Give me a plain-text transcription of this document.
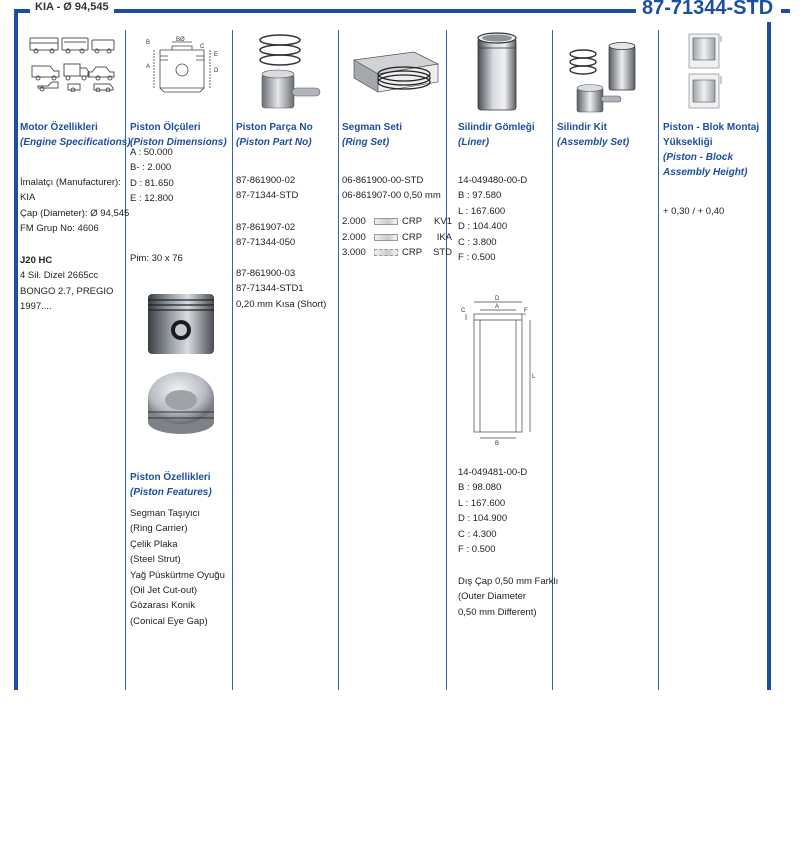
KIA - Ø 94,545	87-71344-STD
Motor Özellikleri
(Engine Specifications)
İmalatçı (Manufacturer):
KIA
Çap (Diameter): Ø 94,545
FM Grup No: 4606
J20 HC
4 Sil. Dizel 2665cc
BONGO 2.7, PREGIO
1997....
B	BØ
C
A
E
D
Piston Ölçüleri
(Piston Dimensions)
A : 50.000
B- : 2.000
D : 81.650
E : 12.800
Pim: 30 x 76
Piston Özellikleri
(Piston Features)
Segman Taşıyıcı
(Ring Carrier)
Çelik Plaka
(Steel Strut)
Yağ Püskürtme Oyuğu
(Oil Jet Cut-out)
Gözarası Konik
(Conical Eye Gap)
Piston Parça No
(Piston Part No)
87-861900-02
87-71344-STD
87-861907-02
87-71344-050
87-861900-03
87-71344-STD1
0,20 mm Kısa (Short)
Segman Seti
(Ring Set)
06-861900-00-STD
06-861907-00 0,50 mm
2.000	CRP	KV1
2.000	CRP	IKA
3.000	CRP	STD
Silindir Gömleği
(Liner)
14-049480-00-D
B : 97.580
L : 167.600
D : 104.400
C : 3.800
F : 0.500
D
A
C	F
L
B
14-049481-00-D
B : 98.080
L : 167.600
D : 104.900
C : 4.300
F : 0.500
Dış Çap 0,50 mm Farklı
(Outer Diameter
0,50 mm Different)
Silindir Kit
(Assembly Set)
Piston - Blok Montaj
Yüksekliği
(Piston - Block
Assembly Height)
+ 0,30 / + 0,40
